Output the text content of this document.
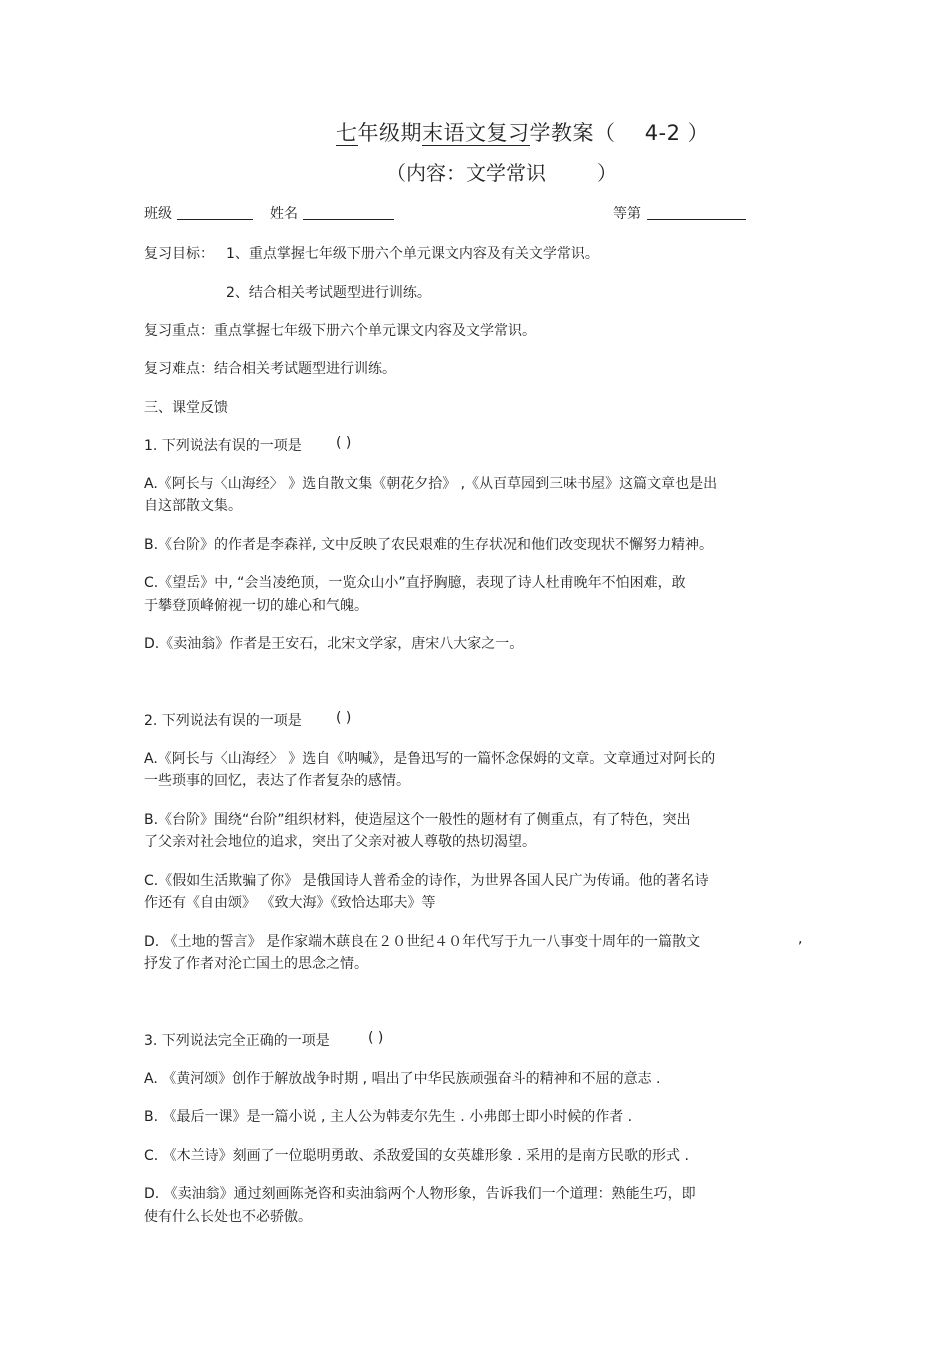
七年级期末语文复习学教案（ 4-2 ）
（内容：文学常识	）
班级	姓名	等第
复习目标： 1、重点掌握七年级下册六个单元课文内容及有关文学常识。
2、结合相关考试题型进行训练。
复习重点：重点掌握七年级下册六个单元课文内容及文学常识。
复习难点：结合相关考试题型进行训练。
三、课堂反馈
1. 下列说法有误的一项是 ( )
A.《阿长与〈山海经〉 》选自散文集《朝花夕拾》 ,《从百草园到三味书屋》这篇文章也是出
自这部散文集。
B.《台阶》的作者是李森祥, 文中反映了农民艰难的生存状况和他们改变现状不懈努力精神。
C.《望岳》中, “会当凌绝顶，一览众山小”直抒胸臆，表现了诗人杜甫晚年不怕困难，敢
于攀登顶峰俯视一切的雄心和气魄。
D.《卖油翁》作者是王安石，北宋文学家，唐宋八大家之一。
2. 下列说法有误的一项是 ( )
A.《阿长与〈山海经〉 》选自《呐喊》，是鲁迅写的一篇怀念保姆的文章。文章通过对阿长的
一些琐事的回忆，表达了作者复杂的感情。
B.《台阶》围绕“台阶”组织材料，使造屋这个一般性的题材有了侧重点，有了特色，突出
了父亲对社会地位的追求，突出了父亲对被人尊敬的热切渴望。
C.《假如生活欺骗了你》 是俄国诗人普希金的诗作，为世界各国人民广为传诵。他的著名诗
作还有《自由颂》 《致大海》《致恰达耶夫》等
D. 《土地的誓言》 是作家端木蕻良在２０世纪４０年代写于九一八事变十周年的一篇散文	,
抒发了作者对沦亡国土的思念之情。
3. 下列说法完全正确的一项是	( )
A. 《黄河颂》创作于解放战争时期 , 唱出了中华民族顽强奋斗的精神和不屈的意志 .
B. 《最后一课》是一篇小说 , 主人公为韩麦尔先生 . 小弗郎士即小时候的作者 .
C. 《木兰诗》刻画了一位聪明勇敢、杀敌爱国的女英雄形象 . 采用的是南方民歌的形式 .
D. 《卖油翁》通过刻画陈尧咨和卖油翁两个人物形象，告诉我们一个道理：熟能生巧，即
使有什么长处也不必骄傲。
